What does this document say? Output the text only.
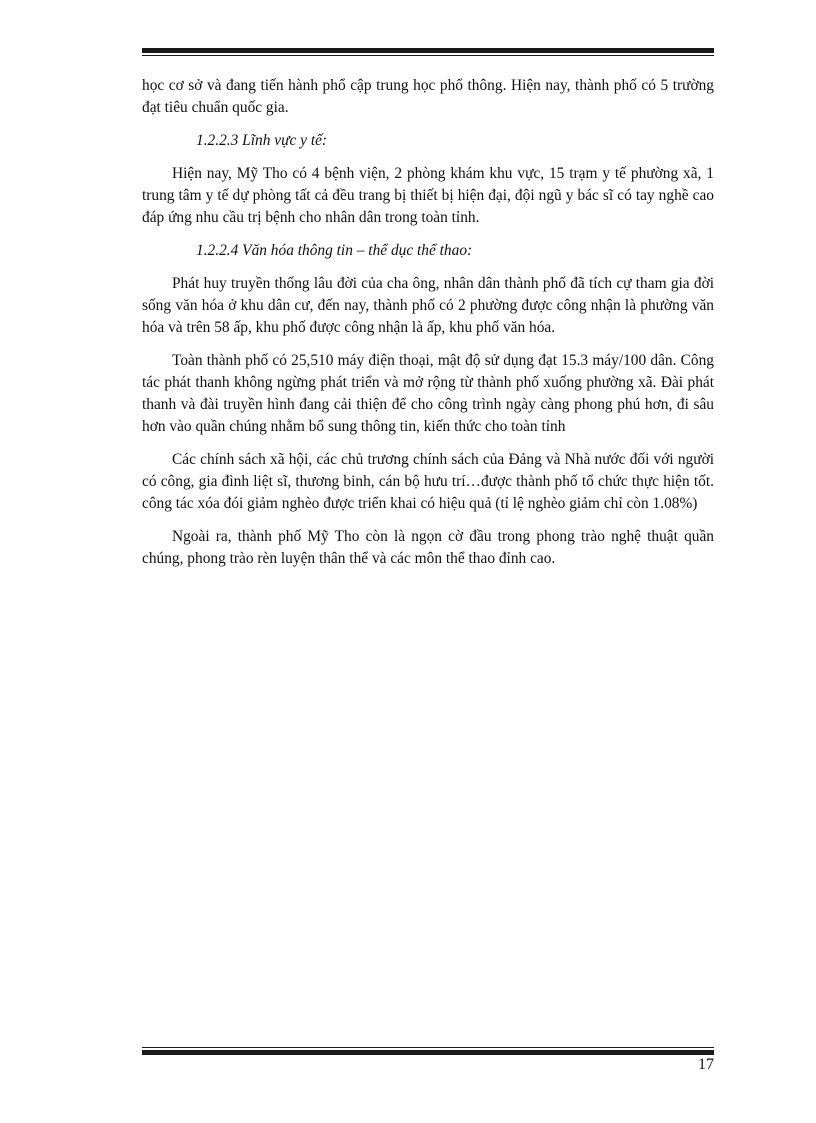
học cơ sở và đang tiến hành phổ cập trung học phổ thông. Hiện nay, thành phố có 5 trường đạt tiêu chuẩn quốc gia.

1.2.2.3 Lĩnh vực y tế:

Hiện nay, Mỹ Tho có 4 bệnh viện, 2 phòng khám khu vực, 15 trạm y tế phường xã, 1 trung tâm y tế dự phòng tất cả đều trang bị thiết bị hiện đại, đội ngũ y bác sĩ có tay nghề cao đáp ứng nhu cầu trị bệnh cho nhân dân trong toàn tỉnh.

1.2.2.4 Văn hóa thông tin – thể dục thể thao:

Phát huy truyền thống lâu đời của cha ông, nhân dân thành phố đã tích cự tham gia đời sống văn hóa ở khu dân cư, đến nay, thành phố có 2 phường được công nhận là phường văn hóa và trên 58 ấp, khu phố được công nhận là ấp, khu phố văn hóa.

Toàn thành phố có 25,510 máy điện thoại, mật độ sử dụng đạt 15.3 máy/100 dân. Công tác phát thanh không ngừng phát triển và mở rộng từ thành phố xuống phường xã. Đài phát thanh và đài truyền hình đang cải thiện để cho công trình ngày càng phong phú hơn, đi sâu hơn vào quần chúng nhằm bổ sung thông tin, kiến thức cho toàn tỉnh

Các chính sách xã hội, các chủ trương chính sách của Đảng và Nhà nước đối với người có công, gia đình liệt sĩ, thương binh, cán bộ hưu trí…được thành phố tổ chức thực hiện tốt. công tác xóa đói giảm nghèo được triển khai có hiệu quả (tỉ lệ nghèo giảm chỉ còn 1.08%)

Ngoài ra, thành phố Mỹ Tho còn là ngọn cờ đầu trong phong trào nghệ thuật quần chúng, phong trào rèn luyện thân thể và các môn thể thao đỉnh cao.

17
